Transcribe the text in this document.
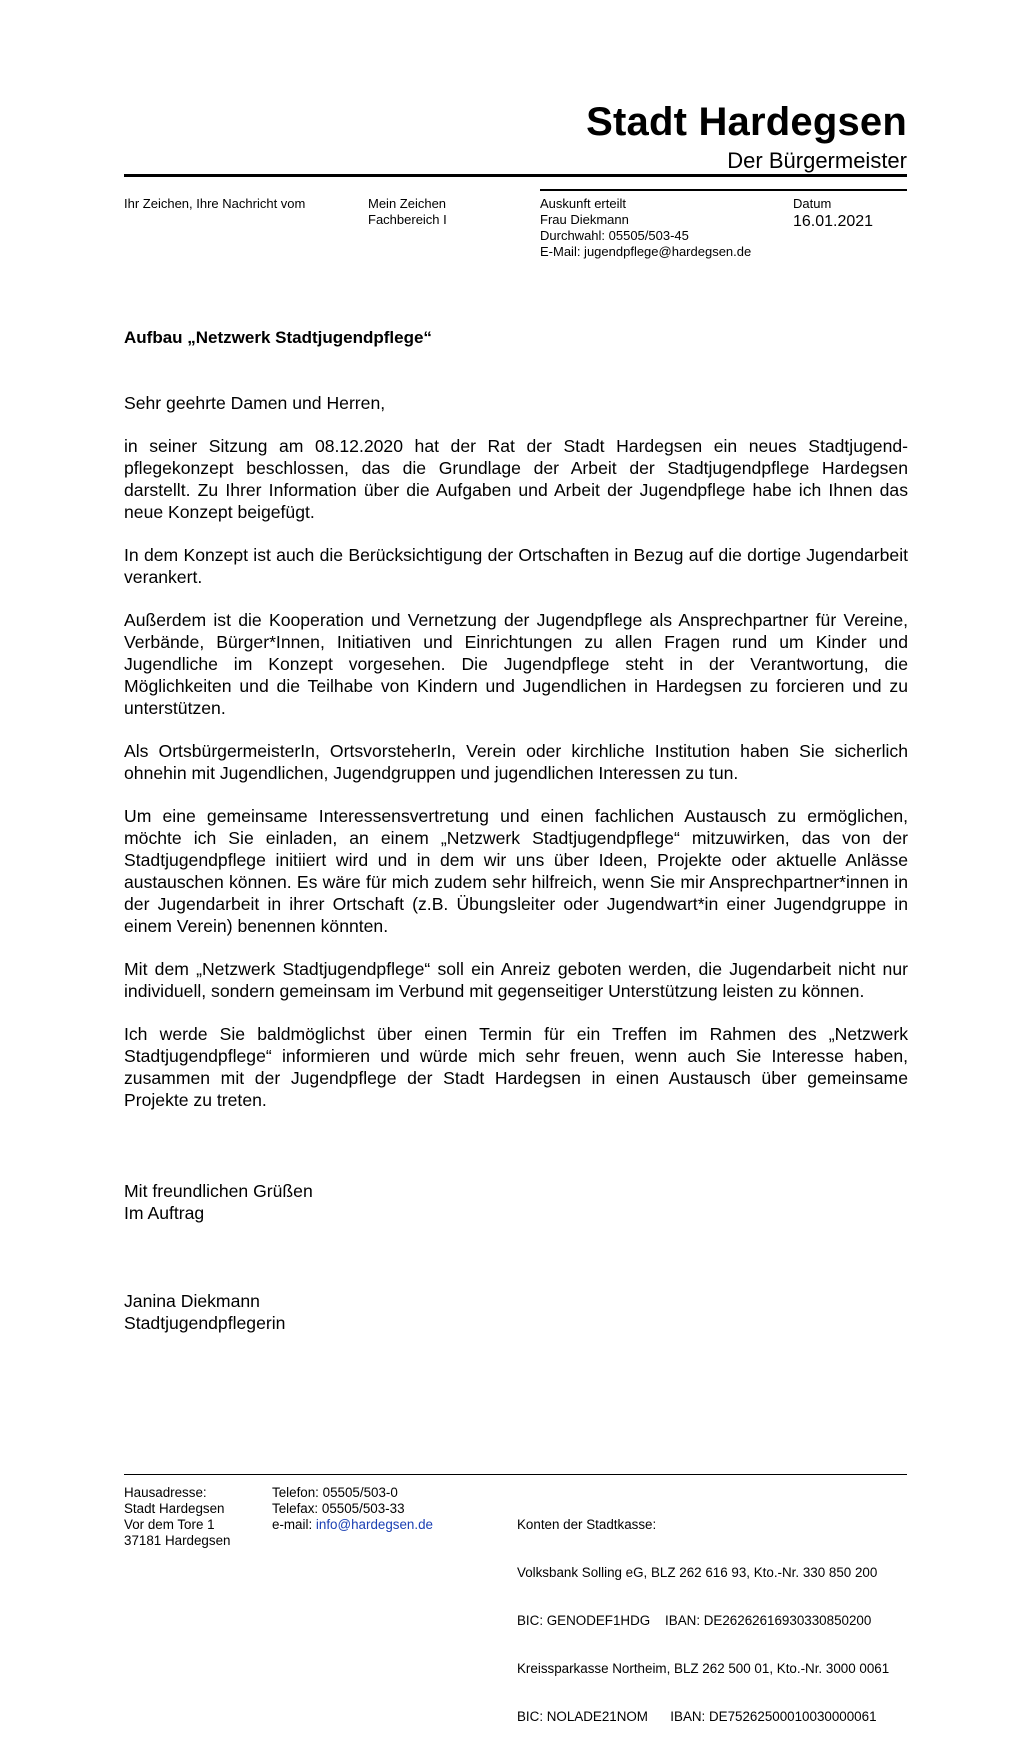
Stadt Hardegsen
Der Bürgermeister
Ihr Zeichen, Ihre Nachricht vom	Mein Zeichen
Fachbereich I
Auskunft erteilt
Frau Diekmann
Durchwahl: 05505/503-45
E-Mail: jugendpflege@hardegsen.de
Datum
16.01.2021
Aufbau „Netzwerk Stadtjugendpflege“

Sehr geehrte Damen und Herren,

in seiner Sitzung am 08.12.2020 hat der Rat der Stadt Hardegsen ein neues Stadtjugendpflegekonzept beschlossen, das die Grundlage der Arbeit der Stadtjugendpflege Hardegsen darstellt. Zu Ihrer Information über die Aufgaben und Arbeit der Jugendpflege habe ich Ihnen das neue Konzept beigefügt.

In dem Konzept ist auch die Berücksichtigung der Ortschaften in Bezug auf die dortige Jugendarbeit verankert.

Außerdem ist die Kooperation und Vernetzung der Jugendpflege als Ansprechpartner für Vereine, Verbände, Bürger*Innen, Initiativen und Einrichtungen zu allen Fragen rund um Kinder und Jugendliche im Konzept vorgesehen. Die Jugendpflege steht in der Verantwortung, die Möglichkeiten und die Teilhabe von Kindern und Jugendlichen in Hardegsen zu forcieren und zu unterstützen.

Als OrtsbürgermeisterIn, OrtsvorsteherIn, Verein oder kirchliche Institution haben Sie sicherlich ohnehin mit Jugendlichen, Jugendgruppen und jugendlichen Interessen zu tun.

Um eine gemeinsame Interessensvertretung und einen fachlichen Austausch zu ermöglichen, möchte ich Sie einladen, an einem „Netzwerk Stadtjugendpflege“ mitzuwirken, das von der Stadtjugendpflege initiiert wird und in dem wir uns über Ideen, Projekte oder aktuelle Anlässe austauschen können. Es wäre für mich zudem sehr hilfreich, wenn Sie mir Ansprechpartner*innen in der Jugendarbeit in ihrer Ortschaft (z.B. Übungsleiter oder Jugendwart*in einer Jugendgruppe in einem Verein) benennen könnten.

Mit dem „Netzwerk Stadtjugendpflege“ soll ein Anreiz geboten werden, die Jugendarbeit nicht nur individuell, sondern gemeinsam im Verbund mit gegenseitiger Unterstützung leisten zu können.

Ich werde Sie baldmöglichst über einen Termin für ein Treffen im Rahmen des „Netzwerk Stadtjugendpflege“ informieren und würde mich sehr freuen, wenn auch Sie Interesse haben, zusammen mit der Jugendpflege der Stadt Hardegsen in einen Austausch über gemeinsame Projekte zu treten.

Mit freundlichen Grüßen
Im Auftrag
Janina Diekmann
Stadtjugendpflegerin
Hausadresse:
Stadt Hardegsen
Vor dem Tore 1
37181 Hardegsen
Telefon: 05505/503-0
Telefax: 05505/503-33
e-mail: info@hardegsen.de

	Konten der Stadtkasse:

Volksbank Solling eG, BLZ 262 616 93, Kto.-Nr. 330 850 200

BIC: GENODEF1HDG    IBAN: DE26262616930330850200

Kreissparkasse Northeim, BLZ 262 500 01, Kto.-Nr. 3000 0061

BIC: NOLADE21NOM      IBAN: DE75262500010030000061
